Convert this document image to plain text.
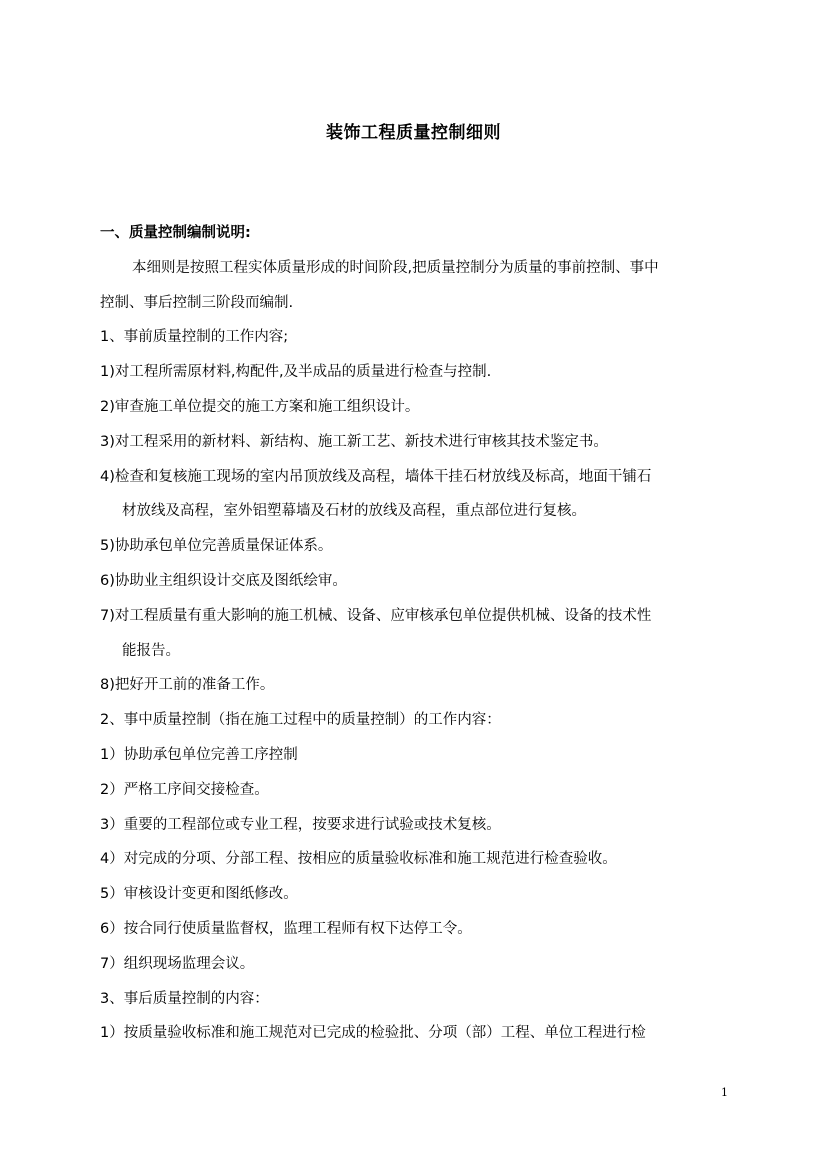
装饰工程质量控制细则
一、质量控制编制说明:
本细则是按照工程实体质量形成的时间阶段,把质量控制分为质量的事前控制、事中
控制、事后控制三阶段而编制.
1、事前质量控制的工作内容;
1)对工程所需原材料,构配件,及半成品的质量进行检查与控制.
2)审查施工单位提交的施工方案和施工组织设计。
3)对工程采用的新材料、新结构、施工新工艺、新技术进行审核其技术鉴定书。
4)检查和复核施工现场的室内吊顶放线及高程，墙体干挂石材放线及标高，地面干铺石
材放线及高程，室外铝塑幕墙及石材的放线及高程，重点部位进行复核。
5)协助承包单位完善质量保证体系。
6)协助业主组织设计交底及图纸绘审。
7)对工程质量有重大影响的施工机械、设备、应审核承包单位提供机械、设备的技术性
能报告。
8)把好开工前的准备工作。
2、事中质量控制（指在施工过程中的质量控制）的工作内容：
1）协助承包单位完善工序控制
2）严格工序间交接检查。
3）重要的工程部位或专业工程，按要求进行试验或技术复核。
4）对完成的分项、分部工程、按相应的质量验收标准和施工规范进行检查验收。
5）审核设计变更和图纸修改。
6）按合同行使质量监督权，监理工程师有权下达停工令。
7）组织现场监理会议。
3、事后质量控制的内容：
1）按质量验收标准和施工规范对已完成的检验批、分项（部）工程、单位工程进行检
1
